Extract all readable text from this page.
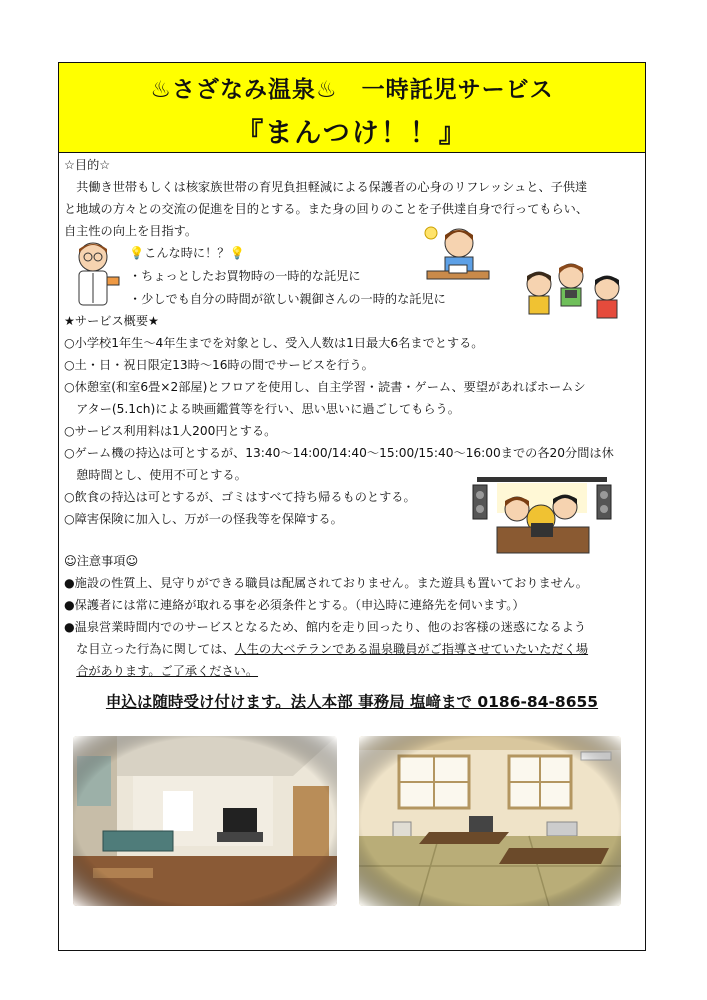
♨さざなみ温泉♨　一時託児サービス
『まんつけ！！』
☆目的☆
　共働き世帯もしくは核家族世帯の育児負担軽減による保護者の心身のリフレッシュと、子供達
と地域の方々との交流の促進を目的とする。また身の回りのことを子供達自身で行ってもらい、
自主性の向上を目指す。
💡こんな時に！？💡
・ちょっとしたお買物時の一時的な託児に
・少しでも自分の時間が欲しい親御さんの一時的な託児に
★サービス概要★
○小学校1年生～4年生までを対象とし、受入人数は1日最大6名までとする。
○土・日・祝日限定13時～16時の間でサービスを行う。
○休憩室(和室6畳×2部屋)とフロアを使用し、自主学習・読書・ゲーム、要望があればホームシ
　アター(5.1ch)による映画鑑賞等を行い、思い思いに過ごしてもらう。
○サービス利用料は1人200円とする。
○ゲーム機の持込は可とするが、13:40～14:00/14:40～15:00/15:40～16:00までの各20分間は休
　憩時間とし、使用不可とする。
○飲食の持込は可とするが、ゴミはすべて持ち帰るものとする。
○障害保険に加入し、万が一の怪我等を保障する。
☺注意事項☺
●施設の性質上、見守りができる職員は配属されておりません。また遊具も置いておりません。
●保護者には常に連絡が取れる事を必須条件とする。（申込時に連絡先を伺います。）
●温泉営業時間内でのサービスとなるため、館内を走り回ったり、他のお客様の迷惑になるよう
　な目立った行為に関しては、人生の大ベテランである温泉職員がご指導させていたいただく場
　合があります。ご了承ください。
申込は随時受け付けます。法人本部 事務局 塩﨑まで 0186-84-8655
